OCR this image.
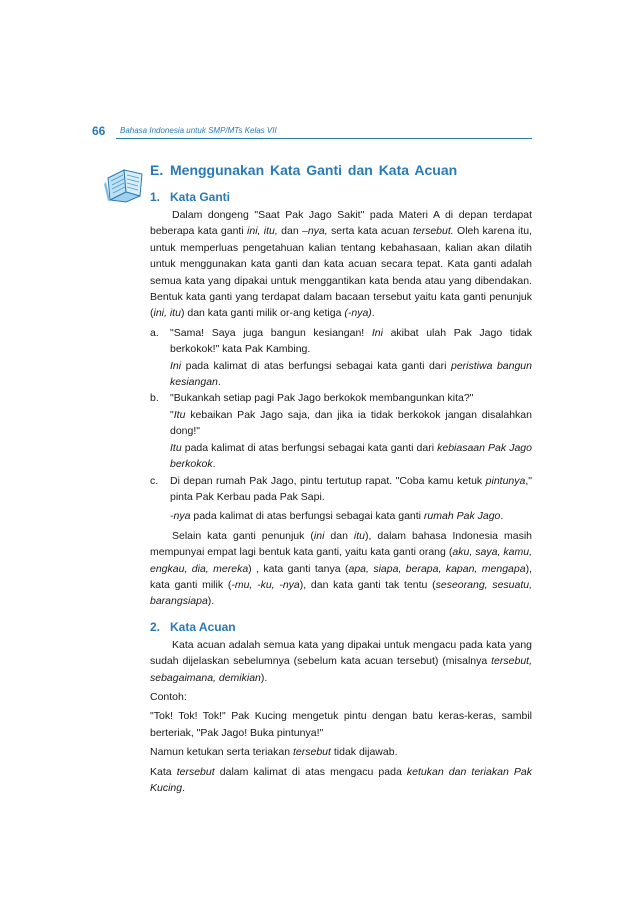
66 Bahasa Indonesia untuk SMP/MTs Kelas VII
E. Menggunakan Kata Ganti dan Kata Acuan
1. Kata Ganti

Dalam dongeng "Saat Pak Jago Sakit" pada Materi A di depan terdapat beberapa kata ganti ini, itu, dan –nya, serta kata acuan tersebut. Oleh karena itu, untuk memperluas pengetahuan kalian tentang kebahasaan, kalian akan dilatih untuk menggunakan kata ganti dan kata acuan secara tepat. Kata ganti adalah semua kata yang dipakai untuk menggantikan kata benda atau yang dibendakan. Bentuk kata ganti yang terdapat dalam bacaan tersebut yaitu kata ganti penunjuk (ini, itu) dan kata ganti milik or-ang ketiga (-nya).

a. "Sama! Saya juga bangun kesiangan! Ini akibat ulah Pak Jago tidak berkokok!" kata Pak Kambing.
Ini pada kalimat di atas berfungsi sebagai kata ganti dari peristiwa bangun kesiangan.
b. "Bukankah setiap pagi Pak Jago berkokok membangunkan kita?"
"Itu kebaikan Pak Jago saja, dan jika ia tidak berkokok jangan disalahkan dong!"
Itu pada kalimat di atas berfungsi sebagai kata ganti dari kebiasaan Pak Jago berkokok.
c. Di depan rumah Pak Jago, pintu tertutup rapat. "Coba kamu ketuk pintunya," pinta Pak Kerbau pada Pak Sapi.
-nya pada kalimat di atas berfungsi sebagai kata ganti rumah Pak Jago.

Selain kata ganti penunjuk (ini dan itu), dalam bahasa Indonesia masih mempunyai empat lagi bentuk kata ganti, yaitu kata ganti orang (aku, saya, kamu, engkau, dia, mereka) , kata ganti tanya (apa, siapa, berapa, kapan, mengapa), kata ganti milik (-mu, -ku, -nya), dan kata ganti tak tentu (seseorang, sesuatu, barangsiapa).

2. Kata Acuan

Kata acuan adalah semua kata yang dipakai untuk mengacu pada kata yang sudah dijelaskan sebelumnya (sebelum kata acuan tersebut) (misalnya tersebut, sebagaimana, demikian).

Contoh:

"Tok! Tok! Tok!" Pak Kucing mengetuk pintu dengan batu keras-keras, sambil berteriak, "Pak Jago! Buka pintunya!"

Namun ketukan serta teriakan tersebut tidak dijawab.

Kata tersebut dalam kalimat di atas mengacu pada ketukan dan teriakan Pak Kucing.
